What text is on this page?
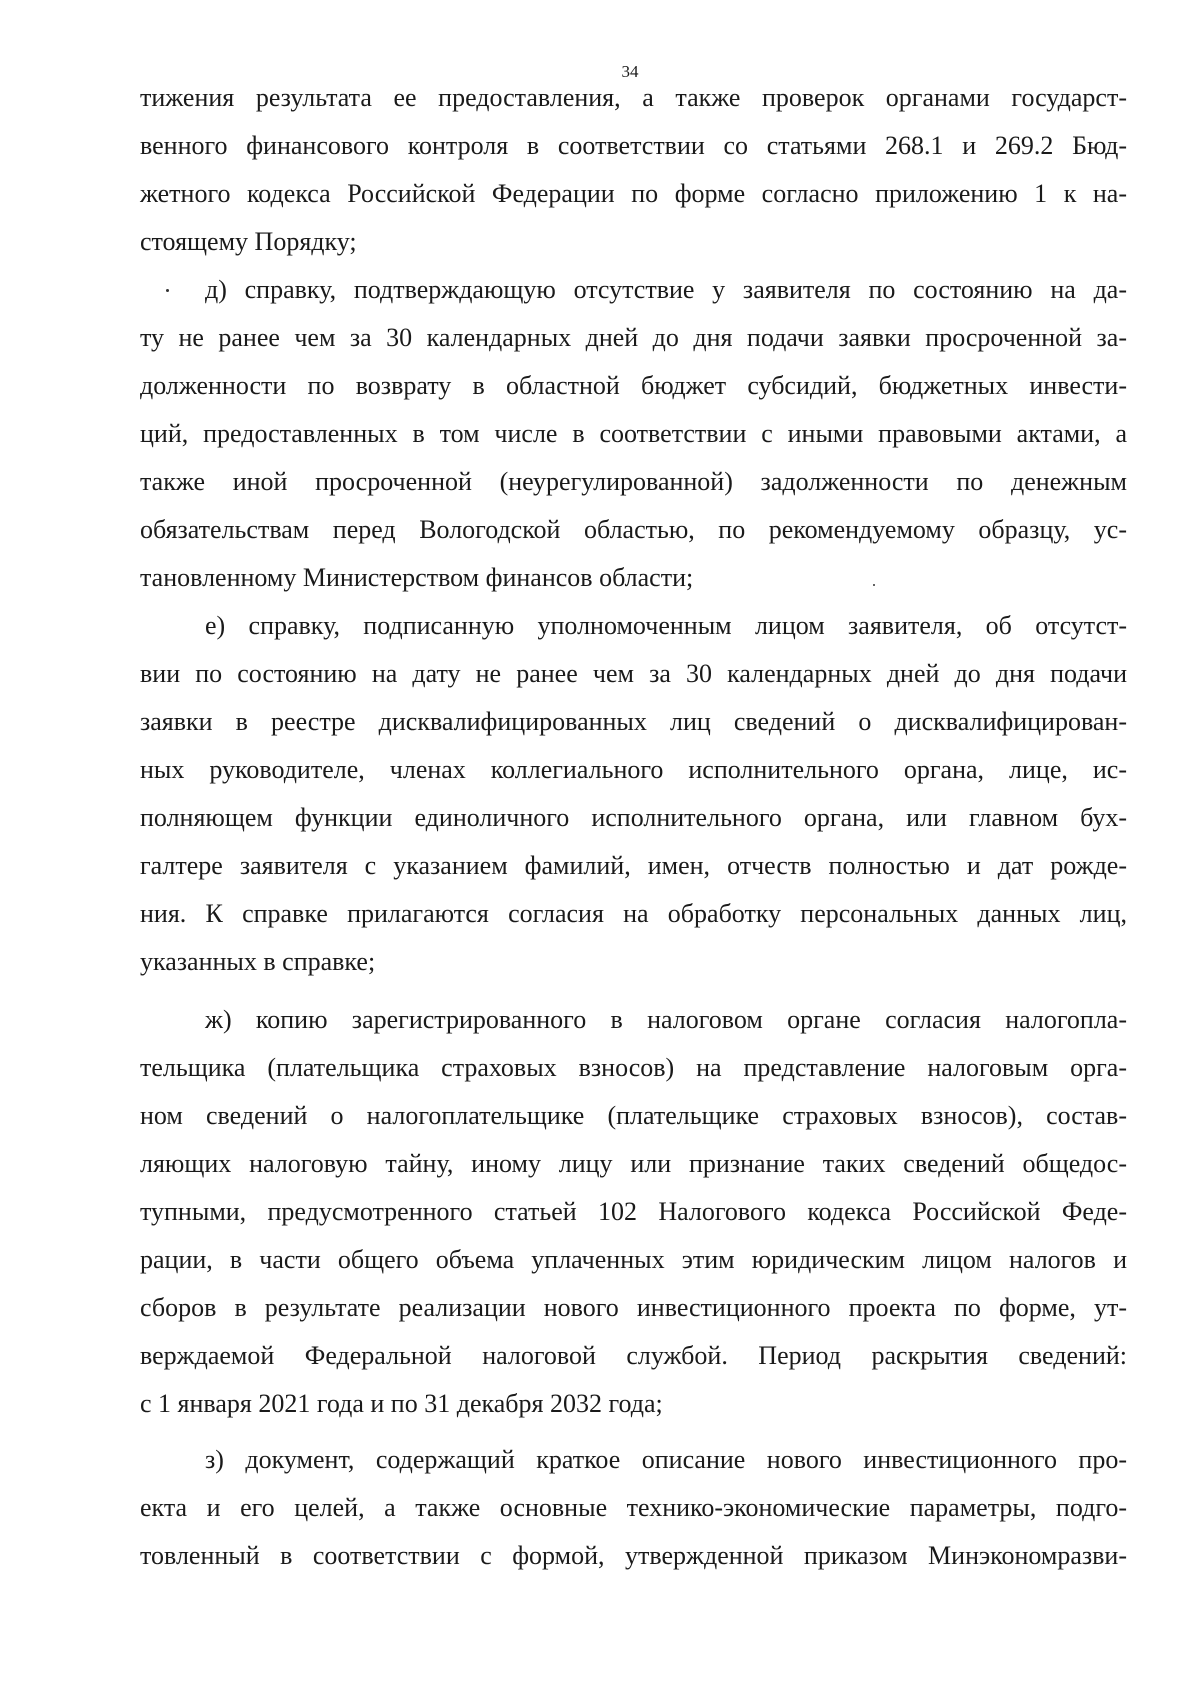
34
тижения результата ее предоставления, а также проверок органами государст-
венного финансового контроля в соответствии со статьями 268.1 и 269.2 Бюд-
жетного кодекса Российской Федерации по форме согласно приложению 1 к на-
стоящему Порядку;
д) справку, подтверждающую отсутствие у заявителя по состоянию на да-
ту не ранее чем за 30 календарных дней до дня подачи заявки просроченной за-
долженности по возврату в областной бюджет субсидий, бюджетных инвести-
ций, предоставленных в том числе в соответствии с иными правовыми актами, а
также иной просроченной (неурегулированной) задолженности по денежным
обязательствам перед Вологодской областью, по рекомендуемому образцу, ус-
тановленному Министерством финансов области;
е) справку, подписанную уполномоченным лицом заявителя, об отсутст-
вии по состоянию на дату не ранее чем за 30 календарных дней до дня подачи
заявки в реестре дисквалифицированных лиц сведений о дисквалифицирован-
ных руководителе, членах коллегиального исполнительного органа, лице, ис-
полняющем функции единоличного исполнительного органа, или главном бух-
галтере заявителя с указанием фамилий, имен, отчеств полностью и дат рожде-
ния. К справке прилагаются согласия на обработку персональных данных лиц,
указанных в справке;
ж) копию зарегистрированного в налоговом органе согласия налогопла-
тельщика (плательщика страховых взносов) на представление налоговым орга-
ном сведений о налогоплательщике (плательщике страховых взносов), состав-
ляющих налоговую тайну, иному лицу или признание таких сведений общедос-
тупными, предусмотренного статьей 102 Налогового кодекса Российской Феде-
рации, в части общего объема уплаченных этим юридическим лицом налогов и
сборов в результате реализации нового инвестиционного проекта по форме, ут-
верждаемой Федеральной налоговой службой. Период раскрытия сведений:
с 1 января 2021 года и по 31 декабря 2032 года;
з) документ, содержащий краткое описание нового инвестиционного про-
екта и его целей, а также основные технико-экономические параметры, подго-
товленный в соответствии с формой, утвержденной приказом Минэкономразви-
